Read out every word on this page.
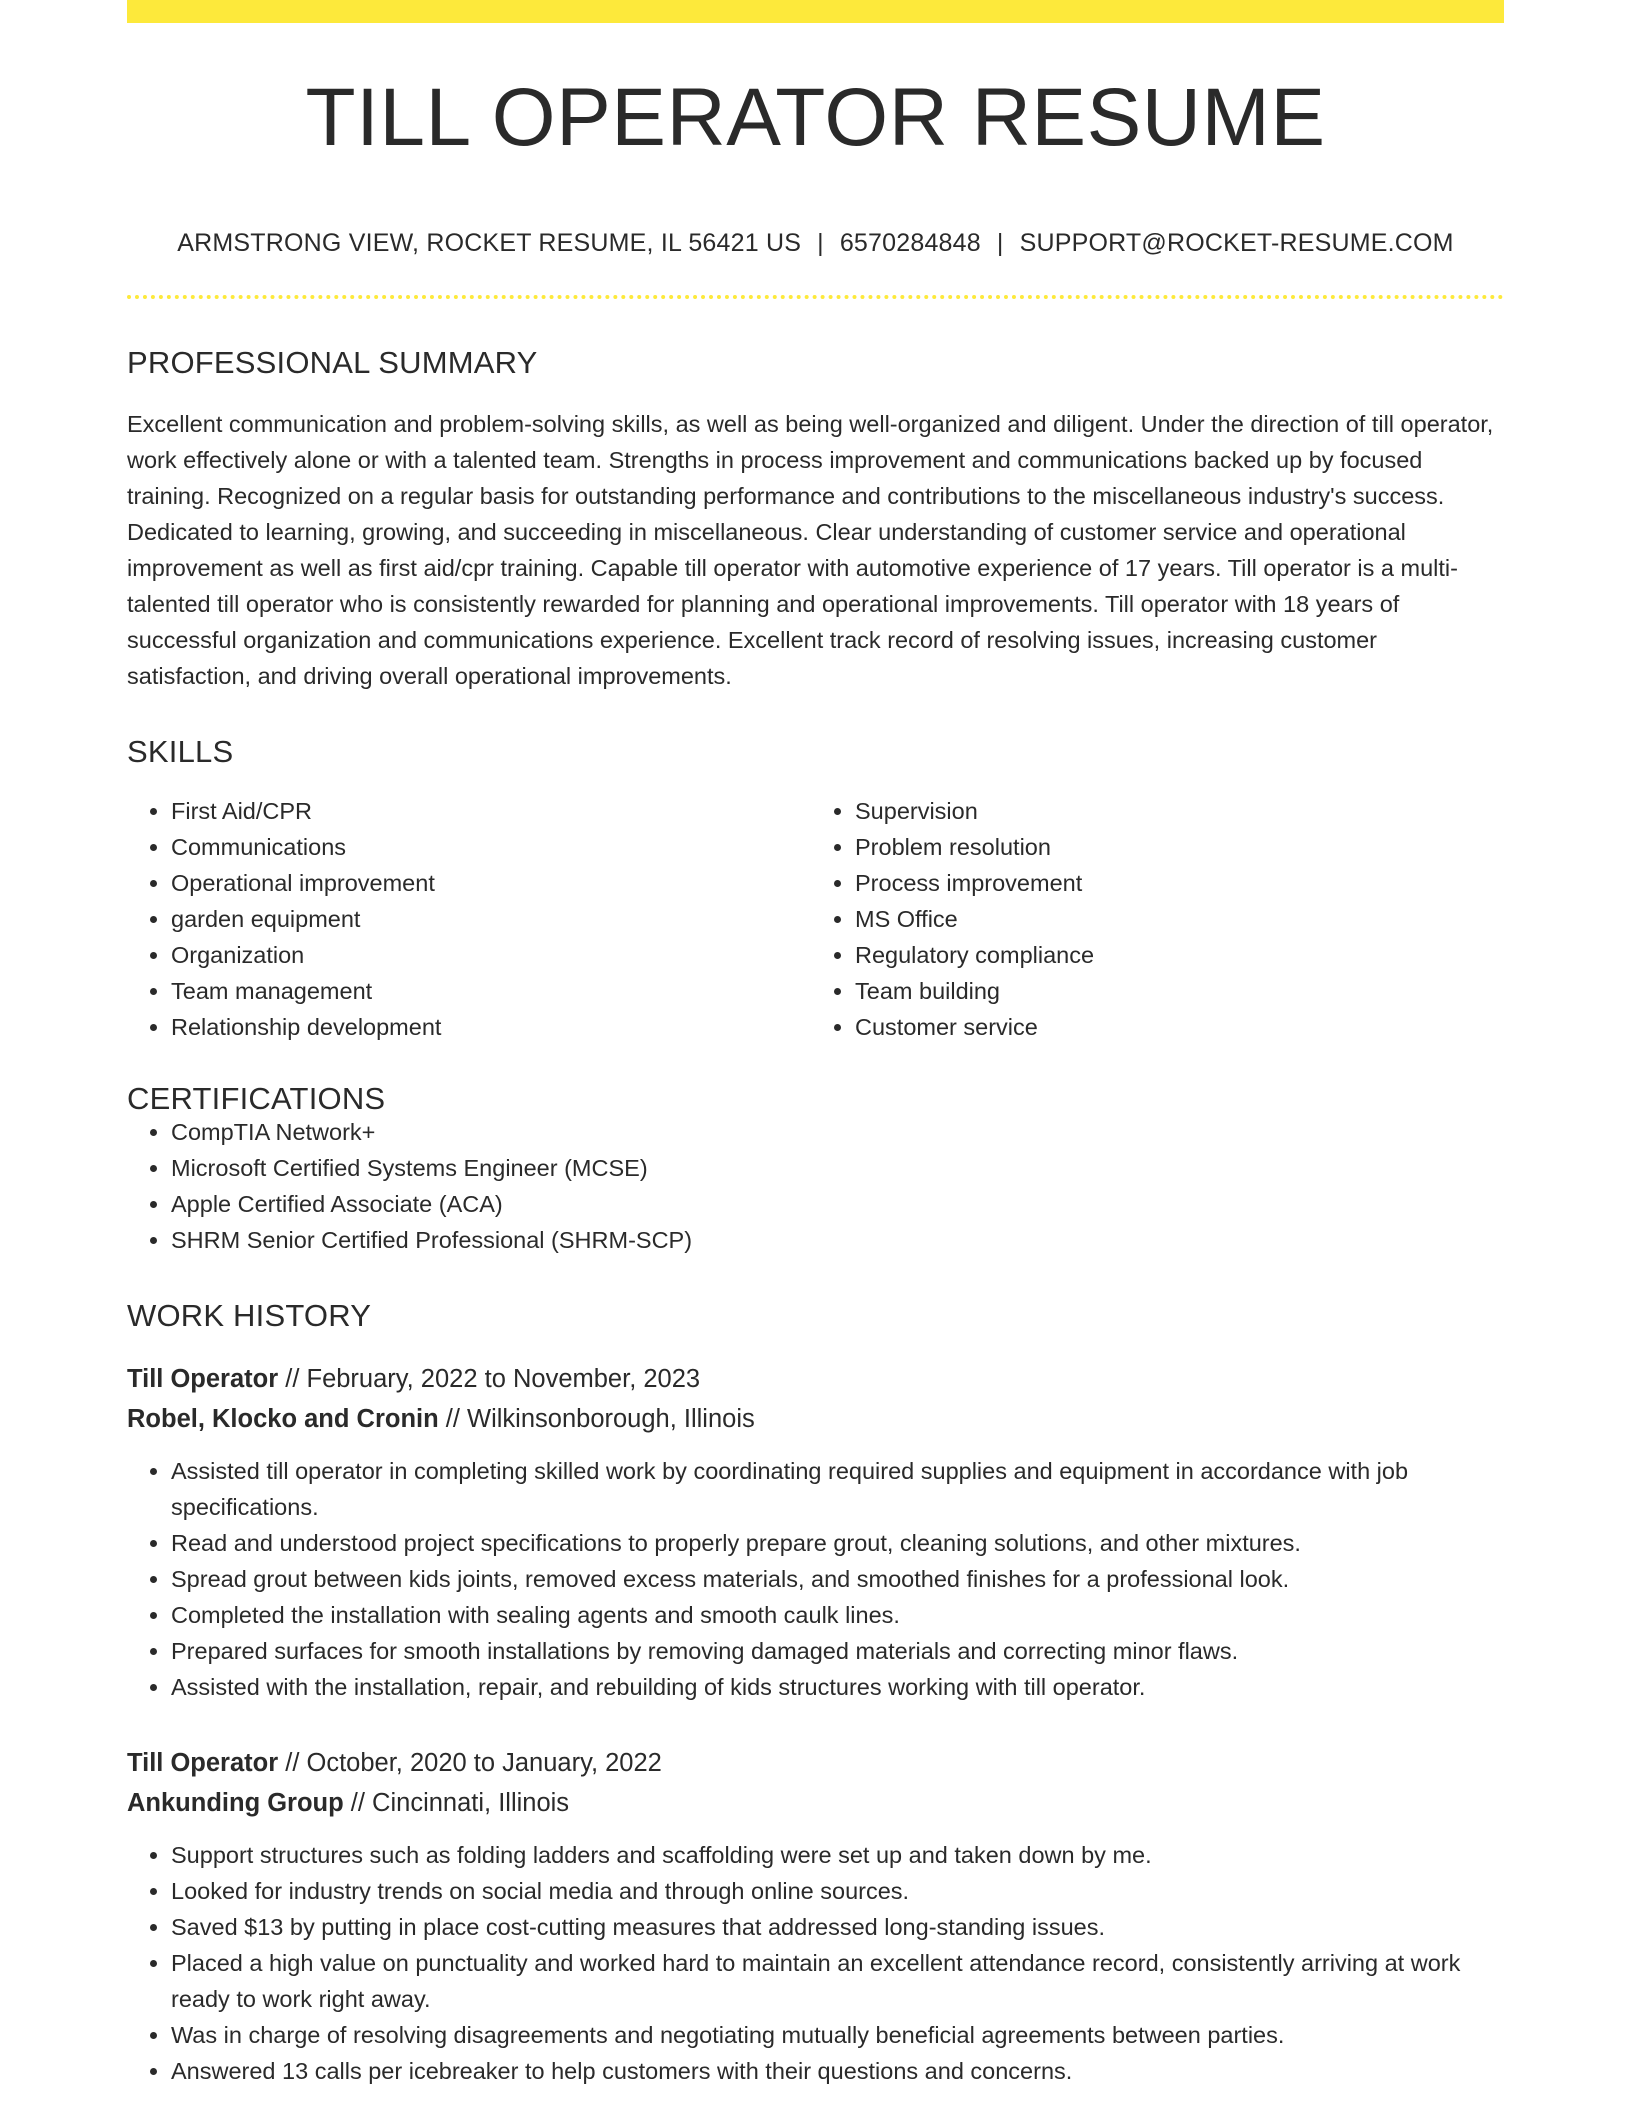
TILL OPERATOR RESUME
ARMSTRONG VIEW, ROCKET RESUME, IL 56421 US | 6570284848 | SUPPORT@ROCKET-RESUME.COM
PROFESSIONAL SUMMARY

Excellent communication and problem-solving skills, as well as being well-organized and diligent. Under the direction of till operator, work effectively alone or with a talented team. Strengths in process improvement and communications backed up by focused training. Recognized on a regular basis for outstanding performance and contributions to the miscellaneous industry's success. Dedicated to learning, growing, and succeeding in miscellaneous. Clear understanding of customer service and operational improvement as well as first aid/cpr training. Capable till operator with automotive experience of 17 years. Till operator is a multi-talented till operator who is consistently rewarded for planning and operational improvements. Till operator with 18 years of successful organization and communications experience. Excellent track record of resolving issues, increasing customer satisfaction, and driving overall operational improvements.

SKILLS
• First Aid/CPR
• Communications
• Operational improvement
• garden equipment
• Organization
• Team management
• Relationship development
• Supervision
• Problem resolution
• Process improvement
• MS Office
• Regulatory compliance
• Team building
• Customer service
CERTIFICATIONS
• CompTIA Network+
• Microsoft Certified Systems Engineer (MCSE)
• Apple Certified Associate (ACA)
• SHRM Senior Certified Professional (SHRM-SCP)
WORK HISTORY
Till Operator // February, 2022 to November, 2023
Robel, Klocko and Cronin // Wilkinsonborough, Illinois
• Assisted till operator in completing skilled work by coordinating required supplies and equipment in accordance with job specifications.
• Read and understood project specifications to properly prepare grout, cleaning solutions, and other mixtures.
• Spread grout between kids joints, removed excess materials, and smoothed finishes for a professional look.
• Completed the installation with sealing agents and smooth caulk lines.
• Prepared surfaces for smooth installations by removing damaged materials and correcting minor flaws.
• Assisted with the installation, repair, and rebuilding of kids structures working with till operator.
Till Operator // October, 2020 to January, 2022
Ankunding Group // Cincinnati, Illinois
• Support structures such as folding ladders and scaffolding were set up and taken down by me.
• Looked for industry trends on social media and through online sources.
• Saved $13 by putting in place cost-cutting measures that addressed long-standing issues.
• Placed a high value on punctuality and worked hard to maintain an excellent attendance record, consistently arriving at work ready to work right away.
• Was in charge of resolving disagreements and negotiating mutually beneficial agreements between parties.
• Answered 13 calls per icebreaker to help customers with their questions and concerns.
